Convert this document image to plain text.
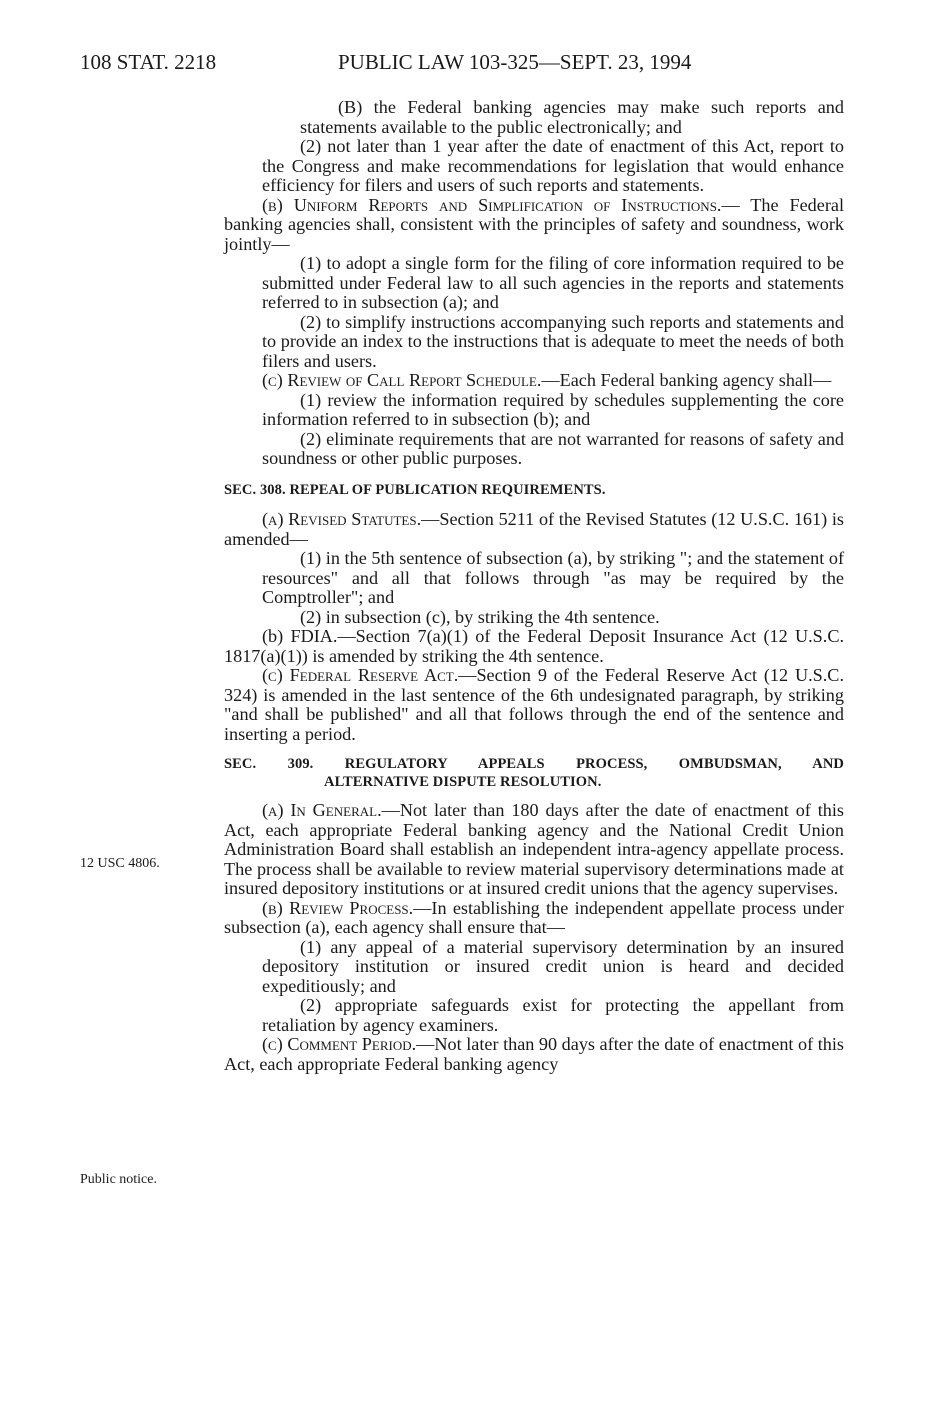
108 STAT. 2218	PUBLIC LAW 103-325—SEPT. 23, 1994
12 USC 4806.
Public notice.

(B) the Federal banking agencies may make such reports and statements available to the public electronically; and

(2) not later than 1 year after the date of enactment of this Act, report to the Congress and make recommendations for legislation that would enhance efficiency for filers and users of such reports and statements.

(b) Uniform Reports and Simplification of Instructions.— The Federal banking agencies shall, consistent with the principles of safety and soundness, work jointly—

(1) to adopt a single form for the filing of core information required to be submitted under Federal law to all such agencies in the reports and statements referred to in subsection (a); and

(2) to simplify instructions accompanying such reports and statements and to provide an index to the instructions that is adequate to meet the needs of both filers and users.

(c) Review of Call Report Schedule.—Each Federal banking agency shall—

(1) review the information required by schedules supplementing the core information referred to in subsection (b); and

(2) eliminate requirements that are not warranted for reasons of safety and soundness or other public purposes.

SEC. 308. REPEAL OF PUBLICATION REQUIREMENTS.

(a) Revised Statutes.—Section 5211 of the Revised Statutes (12 U.S.C. 161) is amended—

(1) in the 5th sentence of subsection (a), by striking "; and the statement of resources" and all that follows through "as may be required by the Comptroller"; and

(2) in subsection (c), by striking the 4th sentence.

(b) FDIA.—Section 7(a)(1) of the Federal Deposit Insurance Act (12 U.S.C. 1817(a)(1)) is amended by striking the 4th sentence.

(c) Federal Reserve Act.—Section 9 of the Federal Reserve Act (12 U.S.C. 324) is amended in the last sentence of the 6th undesignated paragraph, by striking "and shall be published" and all that follows through the end of the sentence and inserting a period.

SEC. 309. REGULATORY APPEALS PROCESS, OMBUDSMAN, AND
ALTERNATIVE DISPUTE RESOLUTION.

(a) In General.—Not later than 180 days after the date of enactment of this Act, each appropriate Federal banking agency and the National Credit Union Administration Board shall establish an independent intra-agency appellate process. The process shall be available to review material supervisory determinations made at insured depository institutions or at insured credit unions that the agency supervises.

(b) Review Process.—In establishing the independent appellate process under subsection (a), each agency shall ensure that—

(1) any appeal of a material supervisory determination by an insured depository institution or insured credit union is heard and decided expeditiously; and

(2) appropriate safeguards exist for protecting the appellant from retaliation by agency examiners.

(c) Comment Period.—Not later than 90 days after the date of enactment of this Act, each appropriate Federal banking agency
